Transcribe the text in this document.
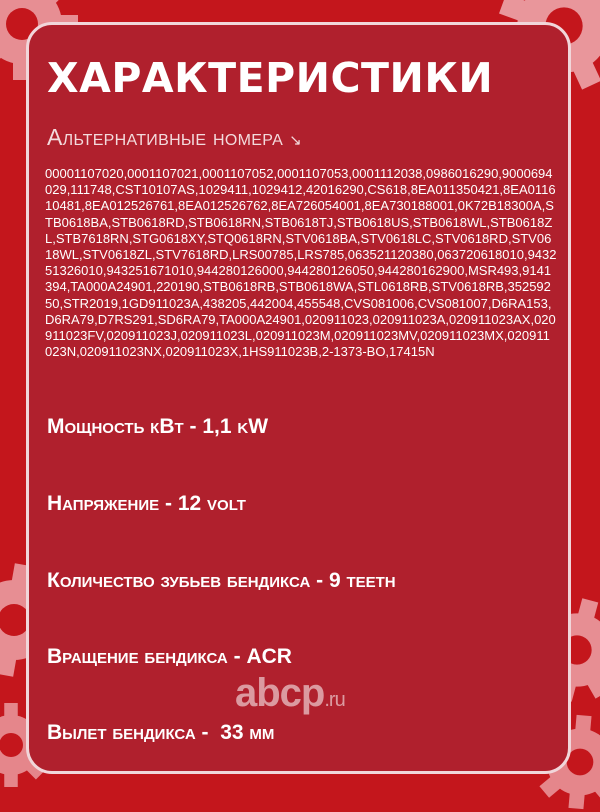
ХАРАКТЕРИСТИКИ

Альтернативные номера ↘

00001107020,0001107021,0001107052,0001107053,0001112038,0986016290,9000694029,111748,CST10107AS,1029411,1029412,42016290,CS618,8EA011350421,8EA011610481,8EA012526761,8EA012526762,8EA726054001,8EA730188001,0K72B18300A,STB0618BA,STB0618RD,STB0618RN,STB0618TJ,STB0618US,STB0618WL,STB0618ZL,STB7618RN,STG0618XY,STQ0618RN,STV0618BA,STV0618LC,STV0618RD,STV0618WL,STV0618ZL,STV7618RD,LRS00785,LRS785,063521120380,063720618010,943251326010,943251671010,944280126000,944280126050,944280162900,MSR493,9141394,TA000A24901,220190,STB0618RB,STB0618WA,STL0618RB,STV0618RB,35259250,STR2019,1GD911023A,438205,442004,455548,CVS081006,CVS081007,D6RA153,D6RA79,D7RS291,SD6RA79,TA000A24901,020911023,020911023A,020911023AX,020911023FV,020911023J,020911023L,020911023M,020911023MV,020911023MX,020911023N,020911023NX,020911023X,1HS911023B,2-1373-BO,17415N

Мощность кВт - 1,1 kW

Напряжение - 12 volt

Количество зубьев бендикса - 9 teeth

Вращение бендикса - ACR

Вылет бендикса -  33 мм

abcp.ru
